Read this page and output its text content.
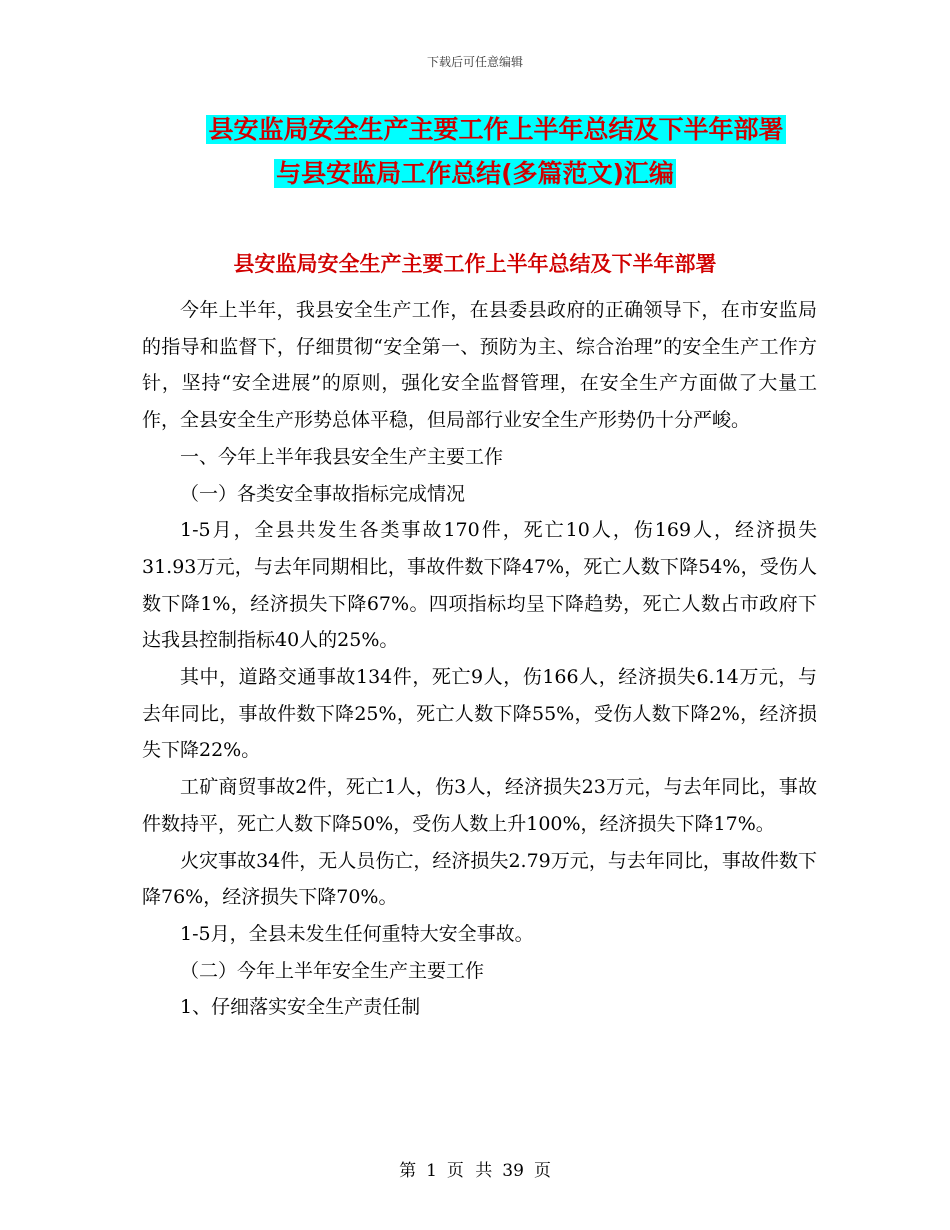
下载后可任意编辑
县安监局安全生产主要工作上半年总结及下半年部署
与县安监局工作总结(多篇范文)汇编
县安监局安全生产主要工作上半年总结及下半年部署

今年上半年，我县安全生产工作，在县委县政府的正确领导下，在市安监局的指导和监督下，仔细贯彻“安全第一、预防为主、综合治理”的安全生产工作方针，坚持“安全进展”的原则，强化安全监督管理，在安全生产方面做了大量工作，全县安全生产形势总体平稳，但局部行业安全生产形势仍十分严峻。

一、今年上半年我县安全生产主要工作

（一）各类安全事故指标完成情况

1-5月，全县共发生各类事故170件，死亡10人，伤169人，经济损失31.93万元，与去年同期相比，事故件数下降47%，死亡人数下降54%，受伤人数下降1%，经济损失下降67%。四项指标均呈下降趋势，死亡人数占市政府下达我县控制指标40人的25%。

其中，道路交通事故134件，死亡9人，伤166人，经济损失6.14万元，与去年同比，事故件数下降25%，死亡人数下降55%，受伤人数下降2%，经济损失下降22%。

工矿商贸事故2件，死亡1人，伤3人，经济损失23万元，与去年同比，事故件数持平，死亡人数下降50%，受伤人数上升100%，经济损失下降17%。

火灾事故34件，无人员伤亡，经济损失2.79万元，与去年同比，事故件数下降76%，经济损失下降70%。

1-5月，全县未发生任何重特大安全事故。

（二）今年上半年安全生产主要工作

1、仔细落实安全生产责任制

第 1 页 共 39 页
